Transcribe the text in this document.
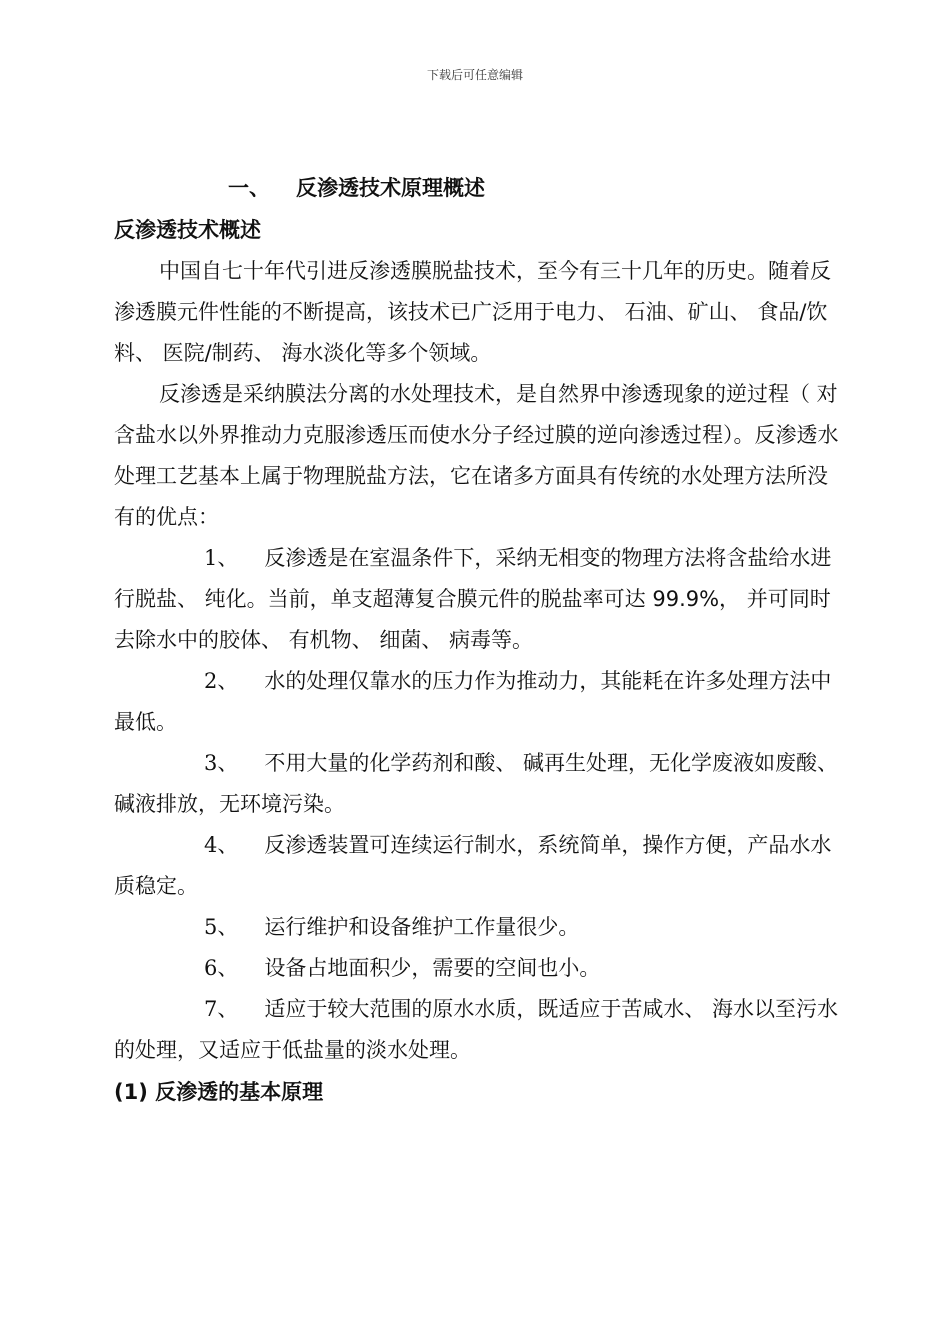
下载后可任意编辑
一、 反渗透技术原理概述
反渗透技术概述

中国自七十年代引进反渗透膜脱盐技术，至今有三十几年的历史。随着反渗透膜元件性能的不断提高，该技术已广泛用于电力、 石油、矿山、 食品/饮料、 医院/制药、 海水淡化等多个领域。

反渗透是采纳膜法分离的水处理技术，是自然界中渗透现象的逆过程（ 对含盐水以外界推动力克服渗透压而使水分子经过膜的逆向渗透过程）。反渗透水处理工艺基本上属于物理脱盐方法，它在诸多方面具有传统的水处理方法所没有的优点：

1、 反渗透是在室温条件下，采纳无相变的物理方法将含盐给水进行脱盐、 纯化。当前，单支超薄复合膜元件的脱盐率可达 99.9%， 并可同时去除水中的胶体、 有机物、 细菌、 病毒等。

2、 水的处理仅靠水的压力作为推动力，其能耗在许多处理方法中最低。

3、 不用大量的化学药剂和酸、 碱再生处理，无化学废液如废酸、碱液排放，无环境污染。

4、 反渗透装置可连续运行制水，系统简单，操作方便，产品水水质稳定。

5、 运行维护和设备维护工作量很少。

6、 设备占地面积少，需要的空间也小。

7、 适应于较大范围的原水水质，既适应于苦咸水、 海水以至污水的处理，又适应于低盐量的淡水处理。

(1) 反渗透的基本原理
